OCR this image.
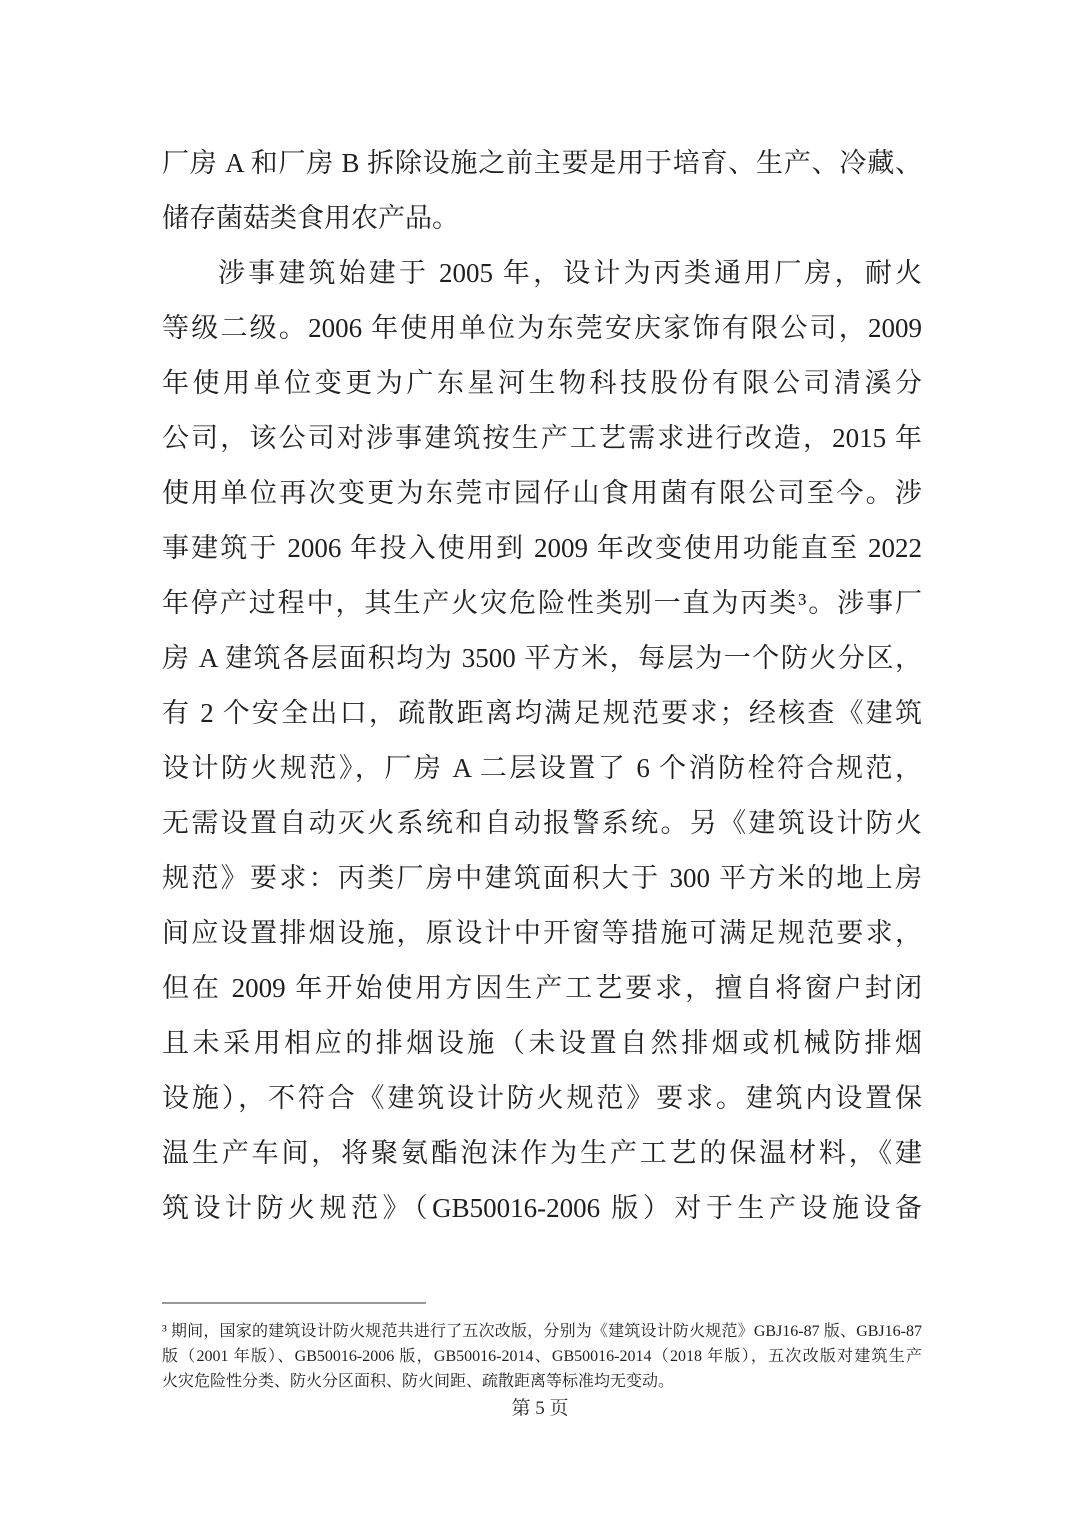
厂房 A 和厂房 B 拆除设施之前主要是用于培育、生产、冷藏、
储存菌菇类食用农产品。
涉事建筑始建于 2005 年，设计为丙类通用厂房，耐火
等级二级。2006 年使用单位为东莞安庆家饰有限公司，2009
年使用单位变更为广东星河生物科技股份有限公司清溪分
公司，该公司对涉事建筑按生产工艺需求进行改造，2015 年
使用单位再次变更为东莞市园仔山食用菌有限公司至今。涉
事建筑于 2006 年投入使用到 2009 年改变使用功能直至 2022
年停产过程中，其生产火灾危险性类别一直为丙类³。涉事厂
房 A 建筑各层面积均为 3500 平方米，每层为一个防火分区，
有 2 个安全出口，疏散距离均满足规范要求；经核查《建筑
设计防火规范》，厂房 A 二层设置了 6 个消防栓符合规范，
无需设置自动灭火系统和自动报警系统。另《建筑设计防火
规范》要求：丙类厂房中建筑面积大于 300 平方米的地上房
间应设置排烟设施，原设计中开窗等措施可满足规范要求，
但在 2009 年开始使用方因生产工艺要求，擅自将窗户封闭
且未采用相应的排烟设施（未设置自然排烟或机械防排烟
设施），不符合《建筑设计防火规范》要求。建筑内设置保
温生产车间，将聚氨酯泡沫作为生产工艺的保温材料，《建
筑设计防火规范》（GB50016-2006 版）对于生产设施设备
³ 期间，国家的建筑设计防火规范共进行了五次改版，分别为《建筑设计防火规范》GBJ16-87 版、GBJ16-87
版（2001 年版）、GB50016-2006 版，GB50016-2014、GB50016-2014（2018 年版），五次改版对建筑生产
火灾危险性分类、防火分区面积、防火间距、疏散距离等标准均无变动。
第 5 页
